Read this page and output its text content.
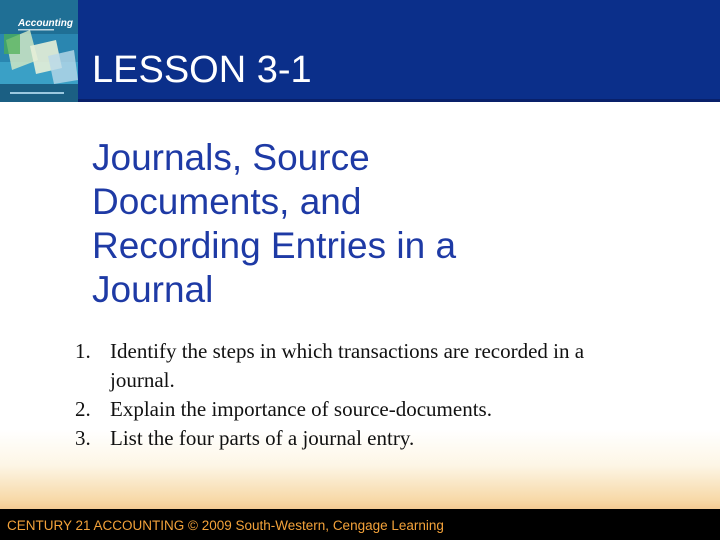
Accounting
LESSON 3-1
Journals, Source Documents, and Recording Entries in a Journal
1. Identify the steps in which transactions are recorded in a journal.
2. Explain the importance of source-documents.
3. List the four parts of a journal entry.
CENTURY 21 ACCOUNTING © 2009 South-Western, Cengage Learning
